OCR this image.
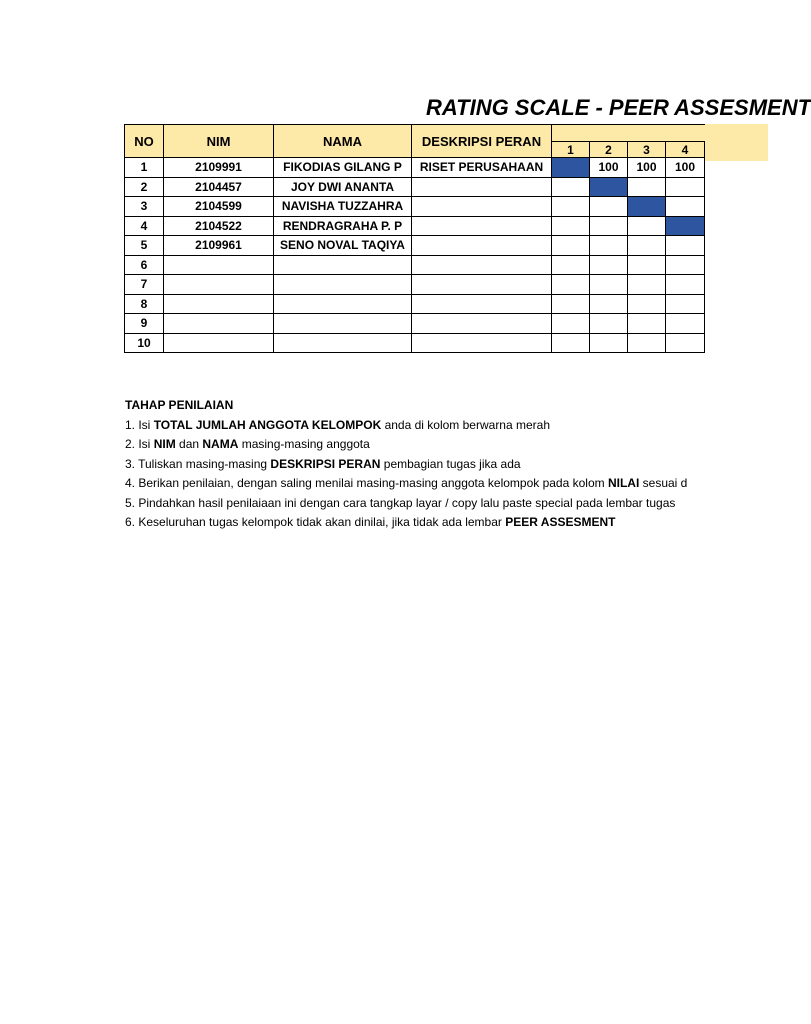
RATING SCALE - PEER ASSESMENT
NO	NIM	NAMA	DESKRIPSI PERAN				
				1	2	3	4
1	2109991	FIKODIAS GILANG P	RISET PERUSAHAAN		100	100	100
2	2104457	JOY DWI ANANTA					
3	2104599	NAVISHA TUZZAHRA					
4	2104522	RENDRAGRAHA P. P					
5	2109961	SENO NOVAL TAQIYA					
6							
7							
8							
9							
10							

TAHAP PENILAIAN

1. Isi TOTAL JUMLAH ANGGOTA KELOMPOK anda di kolom berwarna merah

2. Isi NIM dan NAMA masing-masing anggota

3. Tuliskan masing-masing DESKRIPSI PERAN pembagian tugas jika ada

4. Berikan penilaian, dengan saling menilai masing-masing anggota kelompok pada kolom NILAI sesuai d

5. Pindahkan hasil penilaiaan ini dengan cara tangkap layar / copy lalu paste special pada lembar tugas

6. Keseluruhan tugas kelompok tidak akan dinilai, jika tidak ada lembar PEER ASSESMENT
